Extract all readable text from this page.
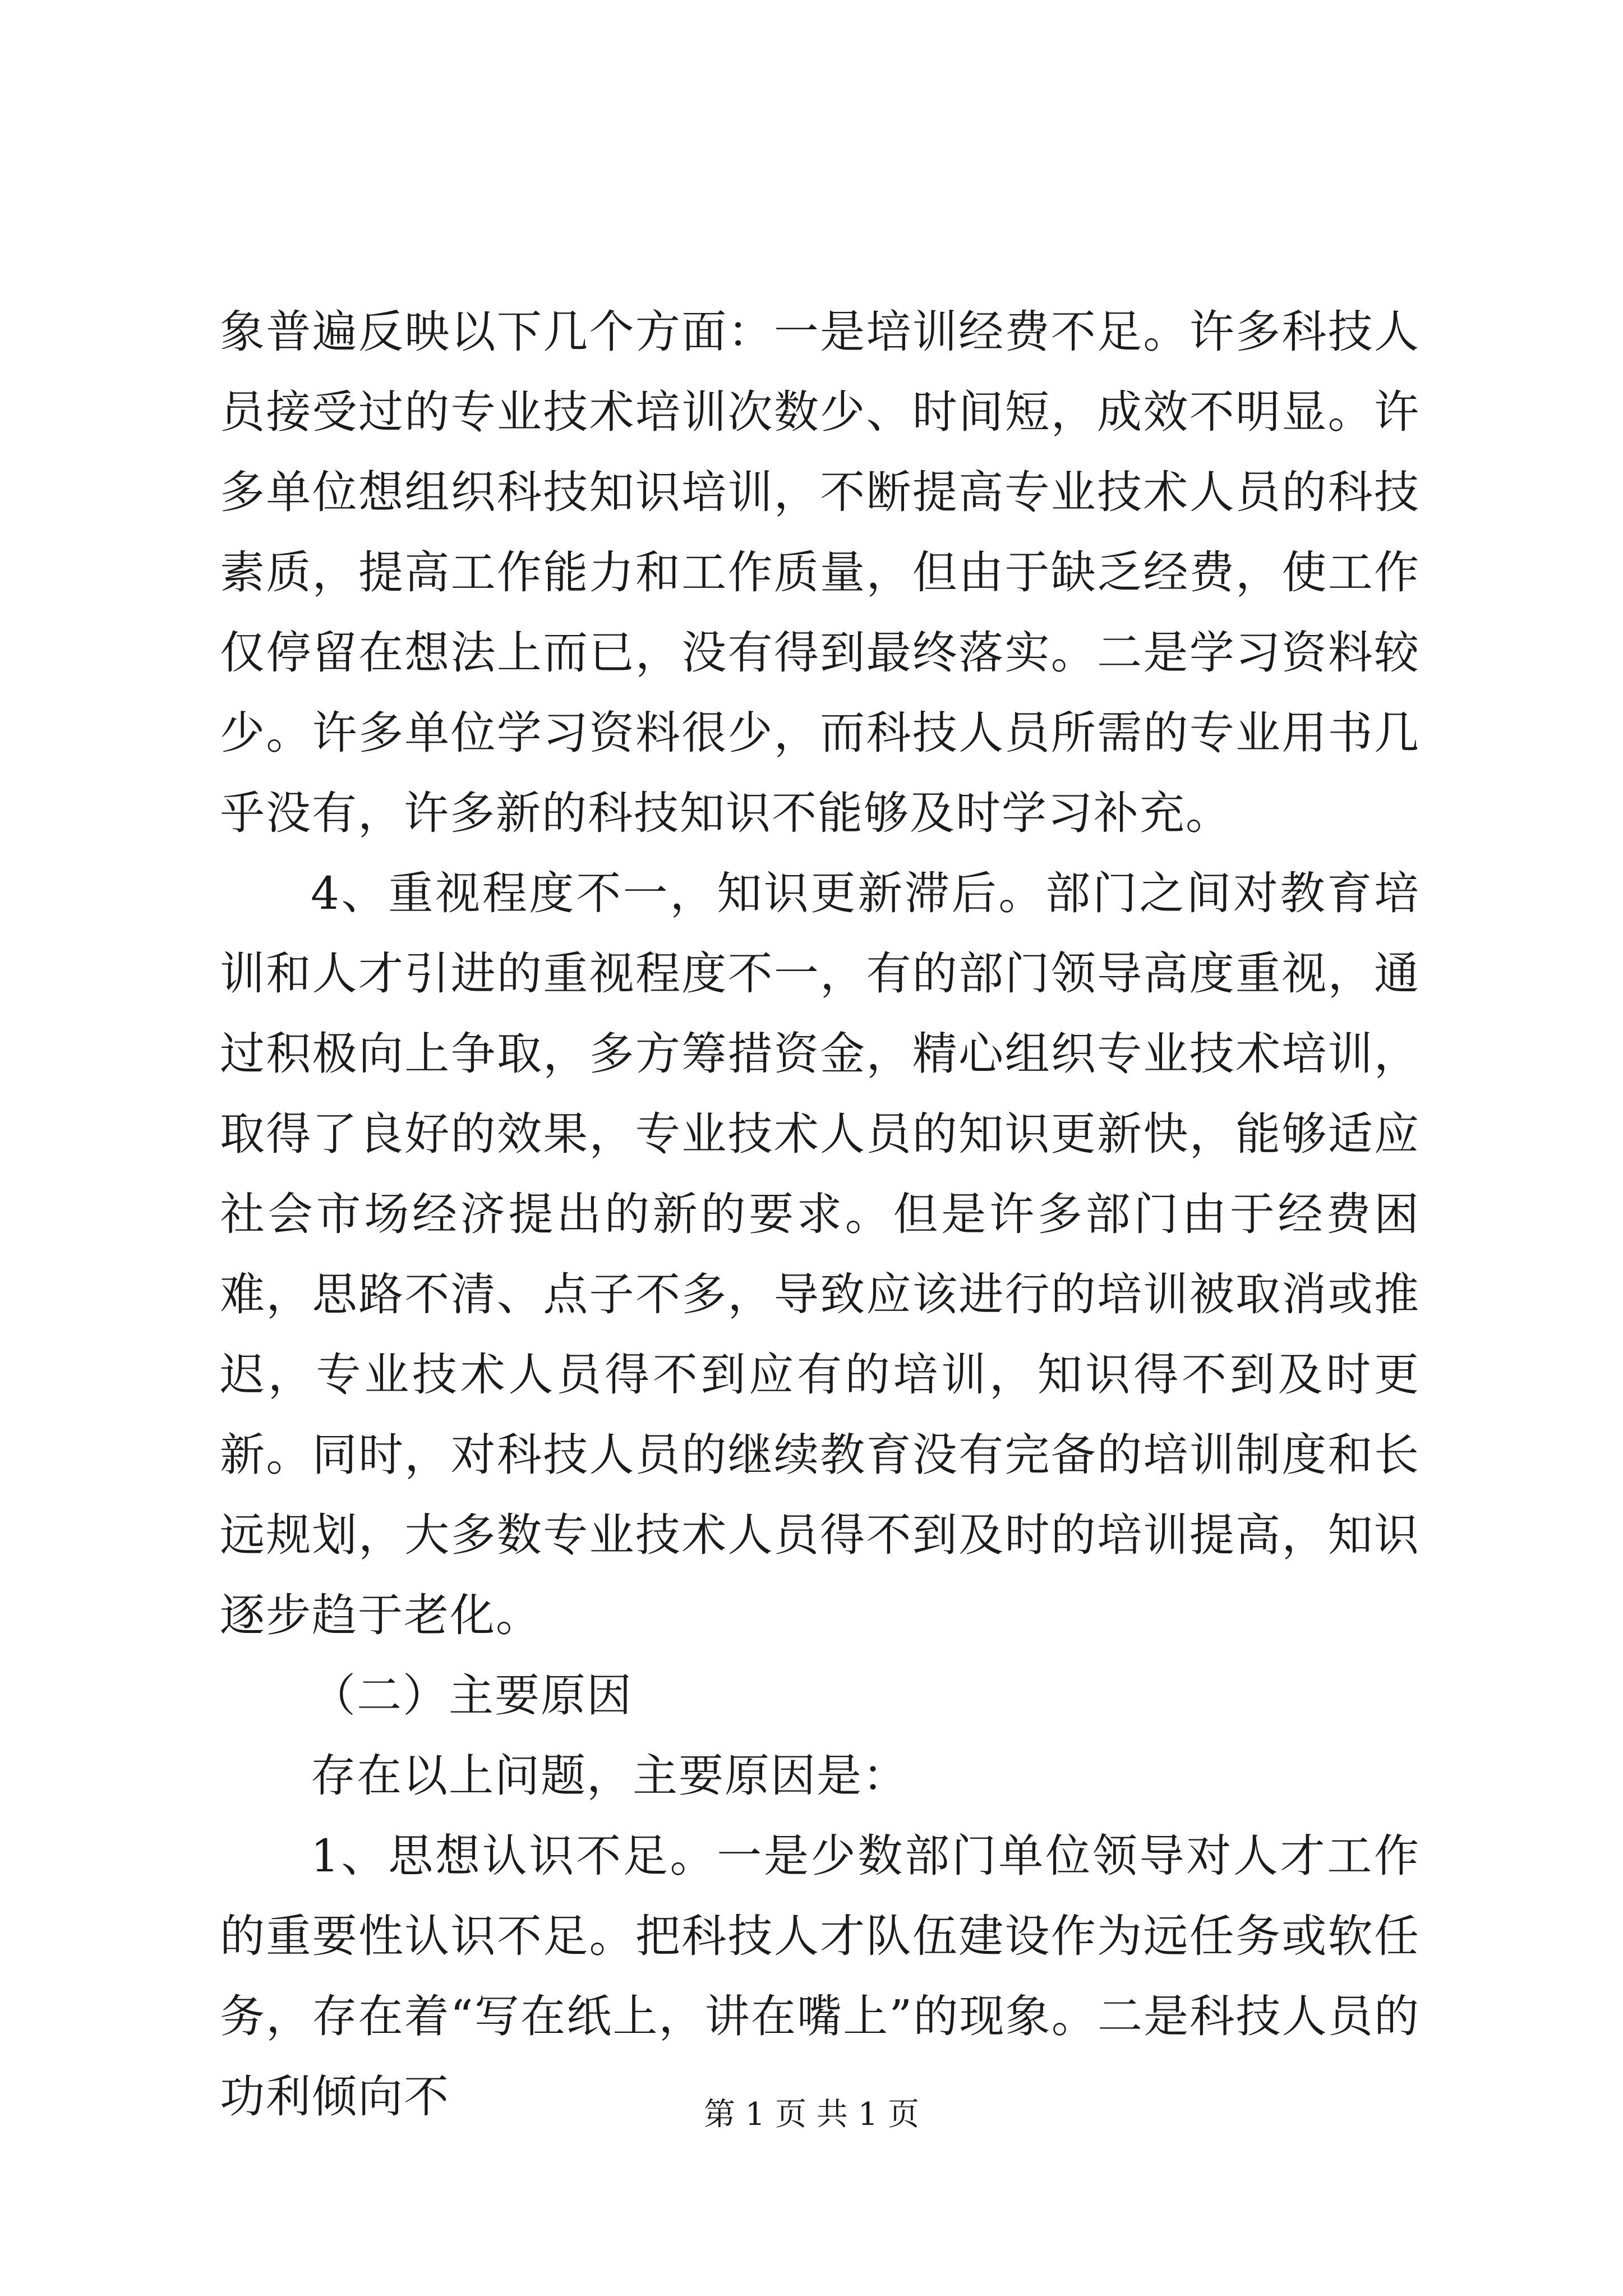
象普遍反映以下几个方面：一是培训经费不足。许多科技人员接受过的专业技术培训次数少、时间短，成效不明显。许多单位想组织科技知识培训，不断提高专业技术人员的科技素质，提高工作能力和工作质量，但由于缺乏经费，使工作仅停留在想法上而已，没有得到最终落实。二是学习资料较少。许多单位学习资料很少，而科技人员所需的专业用书几乎没有，许多新的科技知识不能够及时学习补充。

4、重视程度不一，知识更新滞后。部门之间对教育培训和人才引进的重视程度不一，有的部门领导高度重视，通过积极向上争取，多方筹措资金，精心组织专业技术培训，取得了良好的效果，专业技术人员的知识更新快，能够适应社会市场经济提出的新的要求。但是许多部门由于经费困难，思路不清、点子不多，导致应该进行的培训被取消或推迟，专业技术人员得不到应有的培训，知识得不到及时更新。同时，对科技人员的继续教育没有完备的培训制度和长远规划，大多数专业技术人员得不到及时的培训提高，知识逐步趋于老化。

（二）主要原因

存在以上问题，主要原因是：

1、思想认识不足。一是少数部门单位领导对人才工作的重要性认识不足。把科技人才队伍建设作为远任务或软任务，存在着“写在纸上，讲在嘴上”的现象。二是科技人员的功利倾向不	第 1 页 共 1 页
